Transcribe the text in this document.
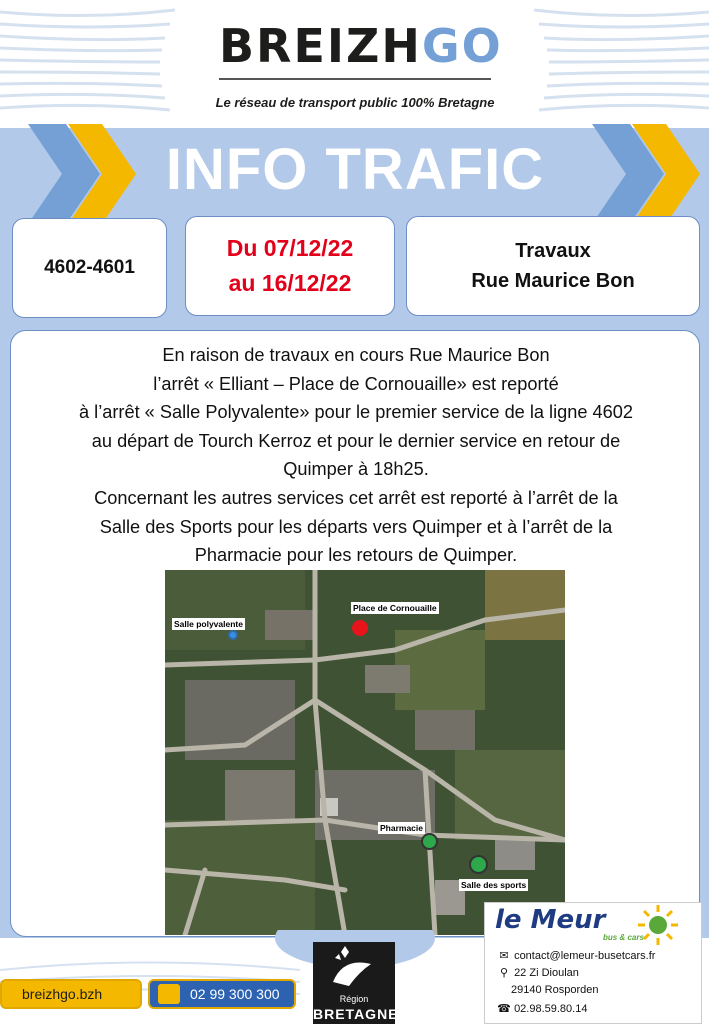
BREIZHGO
Le réseau de transport public 100% Bretagne
INFO TRAFIC
4602-4601
Du 07/12/22
au 16/12/22
Travaux
Rue Maurice Bon
En raison de travaux en cours Rue Maurice Bon
l’arrêt « Elliant – Place de Cornouaille» est reporté
à l’arrêt « Salle Polyvalente» pour le premier service de la ligne 4602
au départ de Tourch Kerroz et pour le dernier service en retour de
Quimper à 18h25.
Concernant les autres services cet arrêt est reporté à l’arrêt de la
Salle des Sports pour les départs vers Quimper et à l’arrêt de la
Pharmacie pour les retours de Quimper.
Place de Cornouaille
Salle polyvalente
Pharmacie
Salle des sports
breizhgo.bzh	02 99 300 300	Région
BRETAGNE
le Meur
bus & cars
✉ contact@lemeur-busetcars.fr
⚲ 22 Zi Dioulan
29140 Rosporden
☎ 02.98.59.80.14
